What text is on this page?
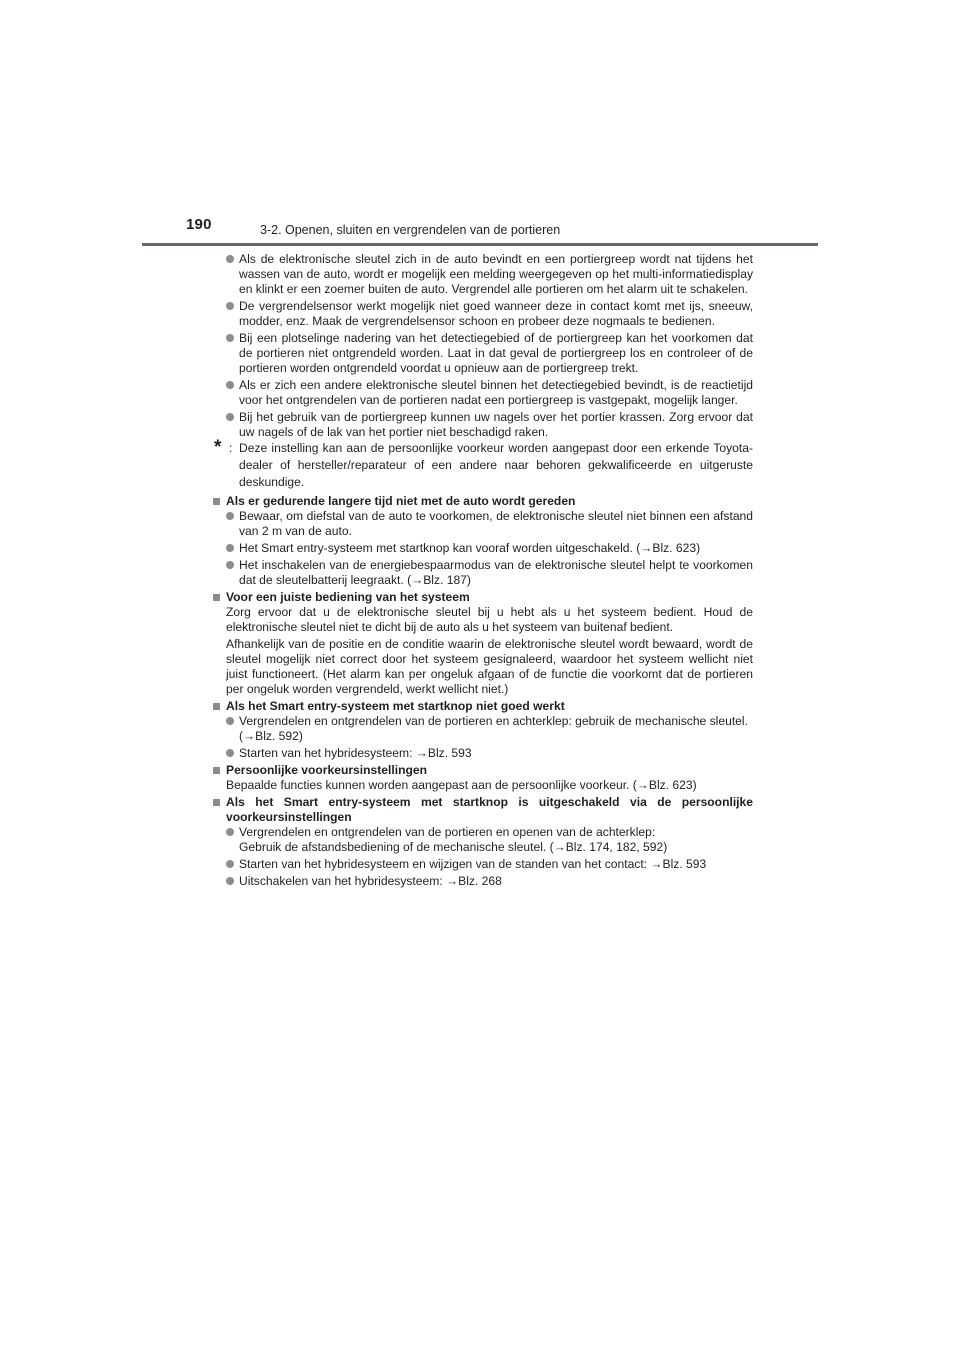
190	3-2. Openen, sluiten en vergrendelen van de portieren
Als de elektronische sleutel zich in de auto bevindt en een portiergreep wordt nat tijdens het wassen van de auto, wordt er mogelijk een melding weergegeven op het multi-informatiedisplay en klinkt er een zoemer buiten de auto. Vergrendel alle portieren om het alarm uit te schakelen.
De vergrendelsensor werkt mogelijk niet goed wanneer deze in contact komt met ijs, sneeuw, modder, enz. Maak de vergrendelsensor schoon en probeer deze nogmaals te bedienen.
Bij een plotselinge nadering van het detectiegebied of de portiergreep kan het voorkomen dat de portieren niet ontgrendeld worden. Laat in dat geval de portiergreep los en controleer of de portieren worden ontgrendeld voordat u opnieuw aan de portiergreep trekt.
Als er zich een andere elektronische sleutel binnen het detectiegebied bevindt, is de reactietijd voor het ontgrendelen van de portieren nadat een portiergreep is vastgepakt, mogelijk langer.
Bij het gebruik van de portiergreep kunnen uw nagels over het portier krassen. Zorg ervoor dat uw nagels of de lak van het portier niet beschadigd raken.
* : Deze instelling kan aan de persoonlijke voorkeur worden aangepast door een erkende Toyota-dealer of hersteller/reparateur of een andere naar behoren gekwalificeerde en uitgeruste deskundige.
Als er gedurende langere tijd niet met de auto wordt gereden
Bewaar, om diefstal van de auto te voorkomen, de elektronische sleutel niet binnen een afstand van 2 m van de auto.
Het Smart entry-systeem met startknop kan vooraf worden uitgeschakeld. (→Blz. 623)
Het inschakelen van de energiebespaarmodus van de elektronische sleutel helpt te voorkomen dat de sleutelbatterij leegraakt. (→Blz. 187)
Voor een juiste bediening van het systeem

Zorg ervoor dat u de elektronische sleutel bij u hebt als u het systeem bedient. Houd de elektronische sleutel niet te dicht bij de auto als u het systeem van buitenaf bedient.

Afhankelijk van de positie en de conditie waarin de elektronische sleutel wordt bewaard, wordt de sleutel mogelijk niet correct door het systeem gesignaleerd, waardoor het systeem wellicht niet juist functioneert. (Het alarm kan per ongeluk afgaan of de functie die voorkomt dat de portieren per ongeluk worden vergrendeld, werkt wellicht niet.)

Als het Smart entry-systeem met startknop niet goed werkt
Vergrendelen en ontgrendelen van de portieren en achterklep: gebruik de mechanische sleutel.
(→Blz. 592)
Starten van het hybridesysteem: →Blz. 593
Persoonlijke voorkeursinstellingen

Bepaalde functies kunnen worden aangepast aan de persoonlijke voorkeur. (→Blz. 623)

Als het Smart entry-systeem met startknop is uitgeschakeld via de persoonlijke voorkeursinstellingen
Vergrendelen en ontgrendelen van de portieren en openen van de achterklep:
Gebruik de afstandsbediening of de mechanische sleutel. (→Blz. 174, 182, 592)
Starten van het hybridesysteem en wijzigen van de standen van het contact: →Blz. 593
Uitschakelen van het hybridesysteem: →Blz. 268
